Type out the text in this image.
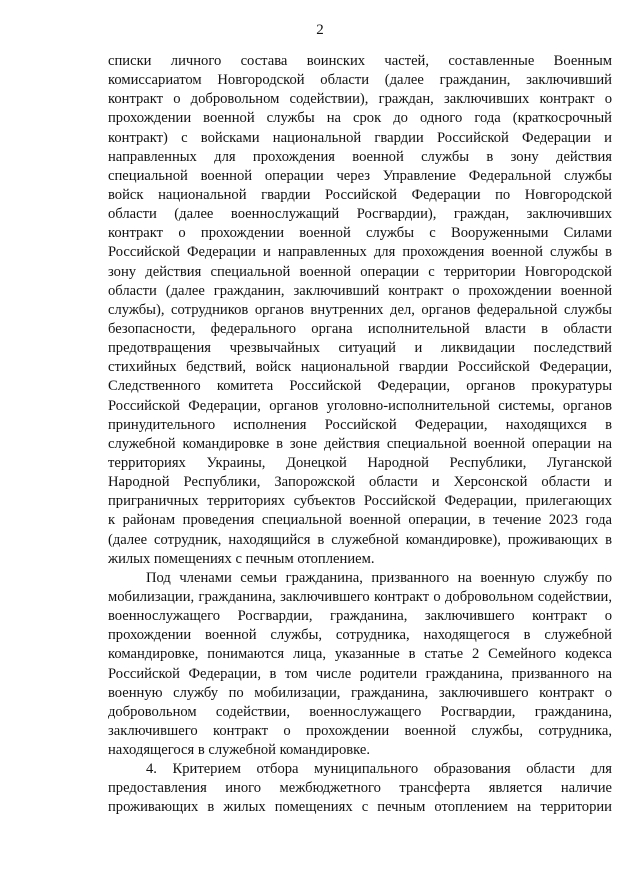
2
списки личного состава воинских частей, составленные Военным
комиссариатом Новгородской области (далее гражданин, заключивший
контракт о добровольном содействии), граждан, заключивших контракт о
прохождении военной службы на срок до одного года (краткосрочный
контракт) с войсками национальной гвардии Российской Федерации и
направленных для прохождения военной службы в зону действия
специальной военной операции через Управление Федеральной службы
войск национальной гвардии Российской Федерации по Новгородской
области (далее военнослужащий Росгвардии), граждан, заключивших
контракт о прохождении военной службы с Вооруженными Силами
Российской Федерации и направленных для прохождения военной службы в
зону действия специальной военной операции с территории Новгородской
области (далее гражданин, заключивший контракт о прохождении военной
службы), сотрудников органов внутренних дел, органов федеральной службы
безопасности, федерального органа исполнительной власти в области
предотвращения чрезвычайных ситуаций и ликвидации последствий
стихийных бедствий, войск национальной гвардии Российской Федерации,
Следственного комитета Российской Федерации, органов прокуратуры
Российской Федерации, органов уголовно-исполнительной системы, органов
принудительного исполнения Российской Федерации, находящихся в
служебной командировке в зоне действия специальной военной операции на
территориях Украины, Донецкой Народной Республики, Луганской
Народной Республики, Запорожской области и Херсонской области и
приграничных территориях субъектов Российской Федерации, прилегающих
к районам проведения специальной военной операции, в течение 2023 года
(далее сотрудник, находящийся в служебной командировке), проживающих в
жилых помещениях с печным отоплением.
Под членами семьи гражданина, призванного на военную службу по
мобилизации, гражданина, заключившего контракт о добровольном содействии,
военнослужащего Росгвардии, гражданина, заключившего контракт о
прохождении военной службы, сотрудника, находящегося в служебной
командировке, понимаются лица, указанные в статье 2 Семейного кодекса
Российской Федерации, в том числе родители гражданина, призванного на
военную службу по мобилизации, гражданина, заключившего контракт о
добровольном содействии, военнослужащего Росгвардии, гражданина,
заключившего контракт о прохождении военной службы, сотрудника,
находящегося в служебной командировке.
4. Критерием отбора муниципального образования области для
предоставления иного межбюджетного трансферта является наличие
проживающих в жилых помещениях с печным отоплением на территории
